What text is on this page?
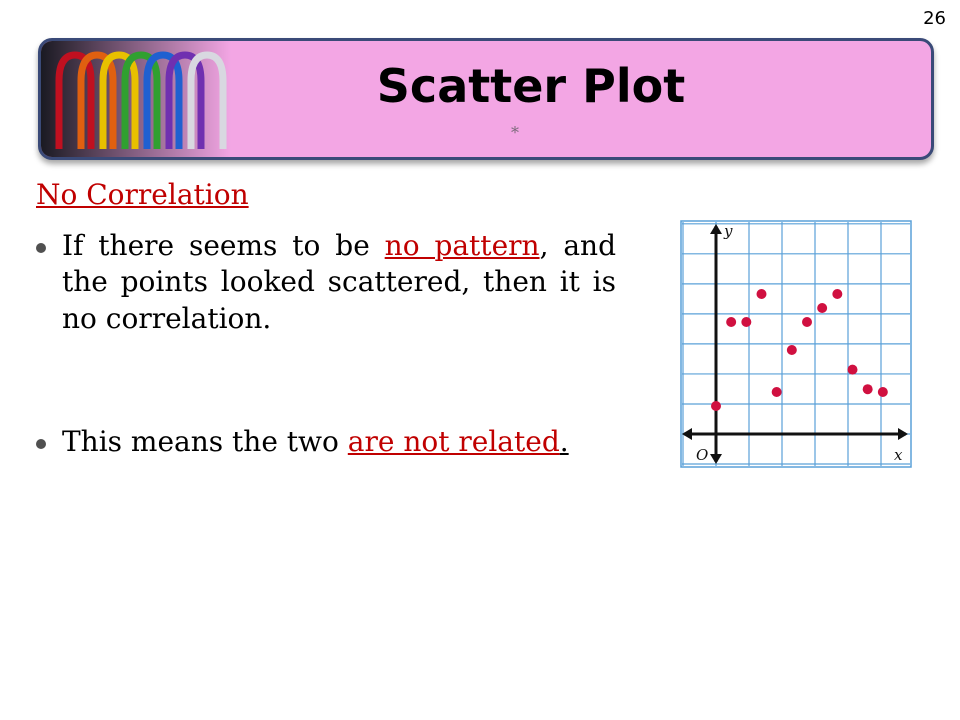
26
Scatter Plot
*
No Correlation
If there seems to be no pattern, and the points looked scattered, then it is no correlation.
This means the two are not related.	x
y
O
